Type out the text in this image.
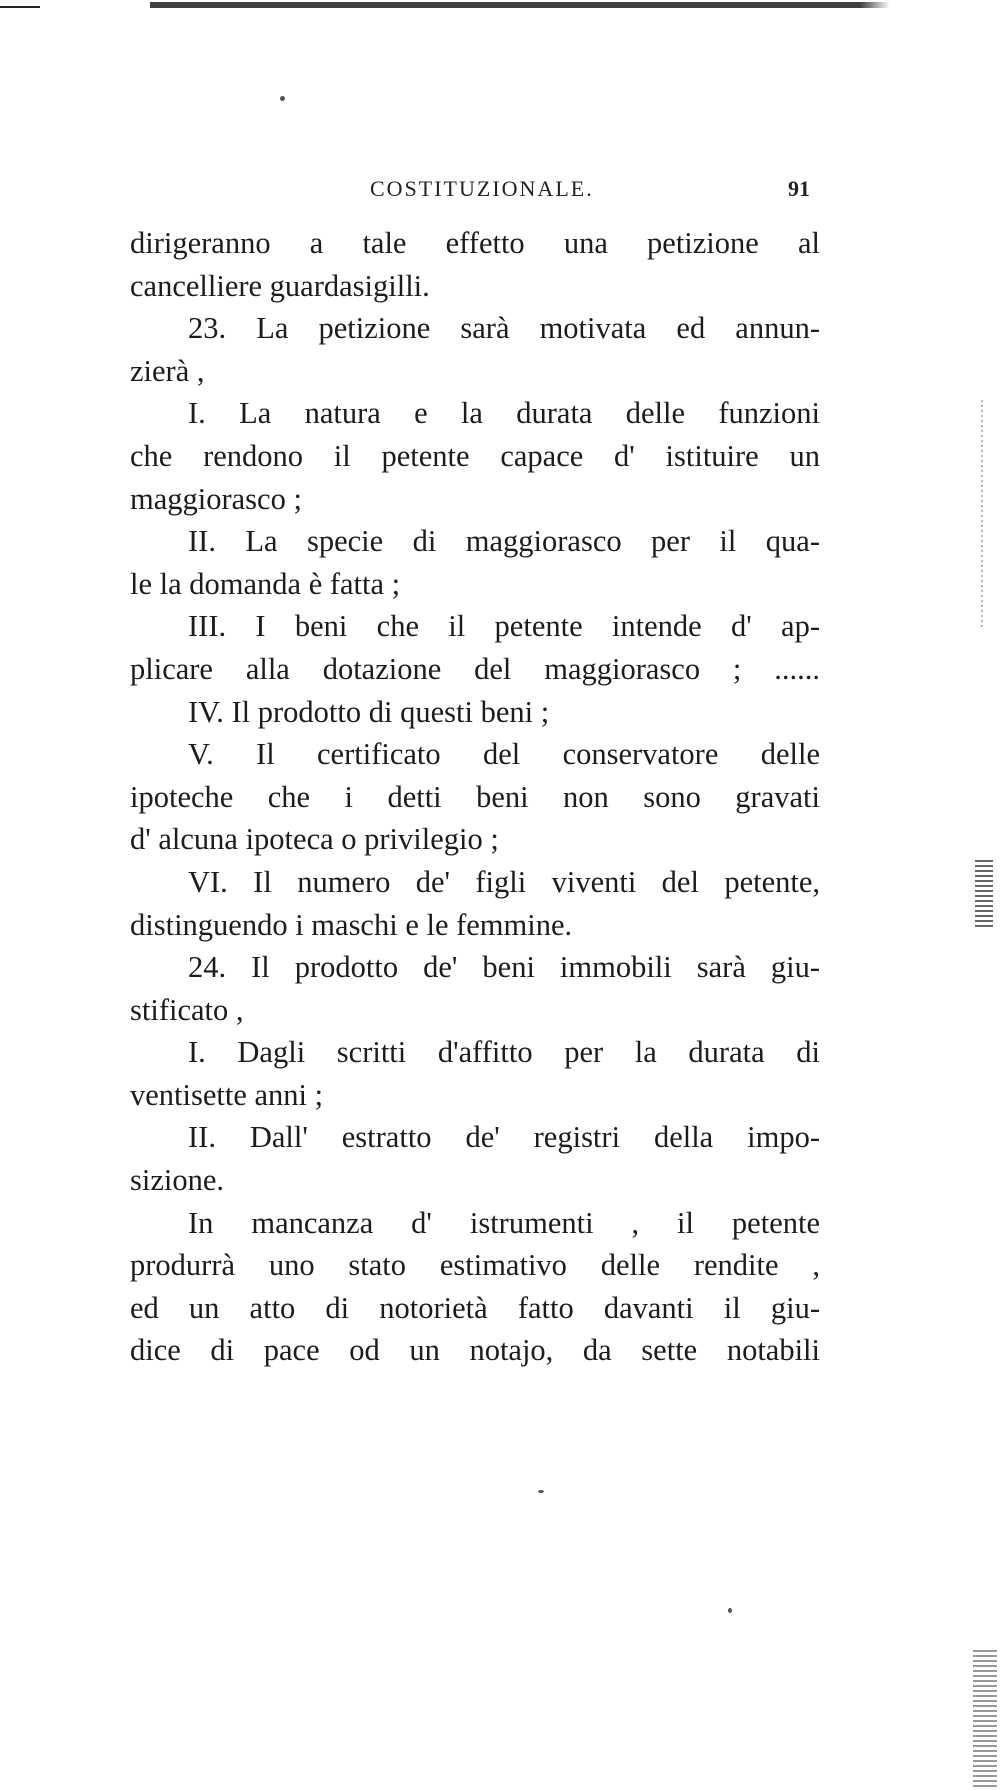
COSTITUZIONALE.	91
dirigeranno a tale effetto una petizione al
cancelliere guardasigilli.
23. La petizione sarà motivata ed annun-
zierà ,
I. La natura e la durata delle funzioni
che rendono il petente capace d' istituire un
maggiorasco ;
II. La specie di maggiorasco per il qua-
le la domanda è fatta ;
III. I beni che il petente intende d' ap-
plicare alla dotazione del maggiorasco ; ......
IV. Il prodotto di questi beni ;
V. Il certificato del conservatore delle
ipoteche che i detti beni non sono gravati
d' alcuna ipoteca o privilegio ;
VI. Il numero de' figli viventi del petente,
distinguendo i maschi e le femmine.
24. Il prodotto de' beni immobili sarà giu-
stificato ,
I. Dagli scritti d'affitto per la durata di
ventisette anni ;
II. Dall' estratto de' registri della impo-
sizione.
In mancanza d' istrumenti , il petente
produrrà uno stato estimativo delle rendite ,
ed un atto di notorietà fatto davanti il giu-
dice di pace od un notajo, da sette notabili
